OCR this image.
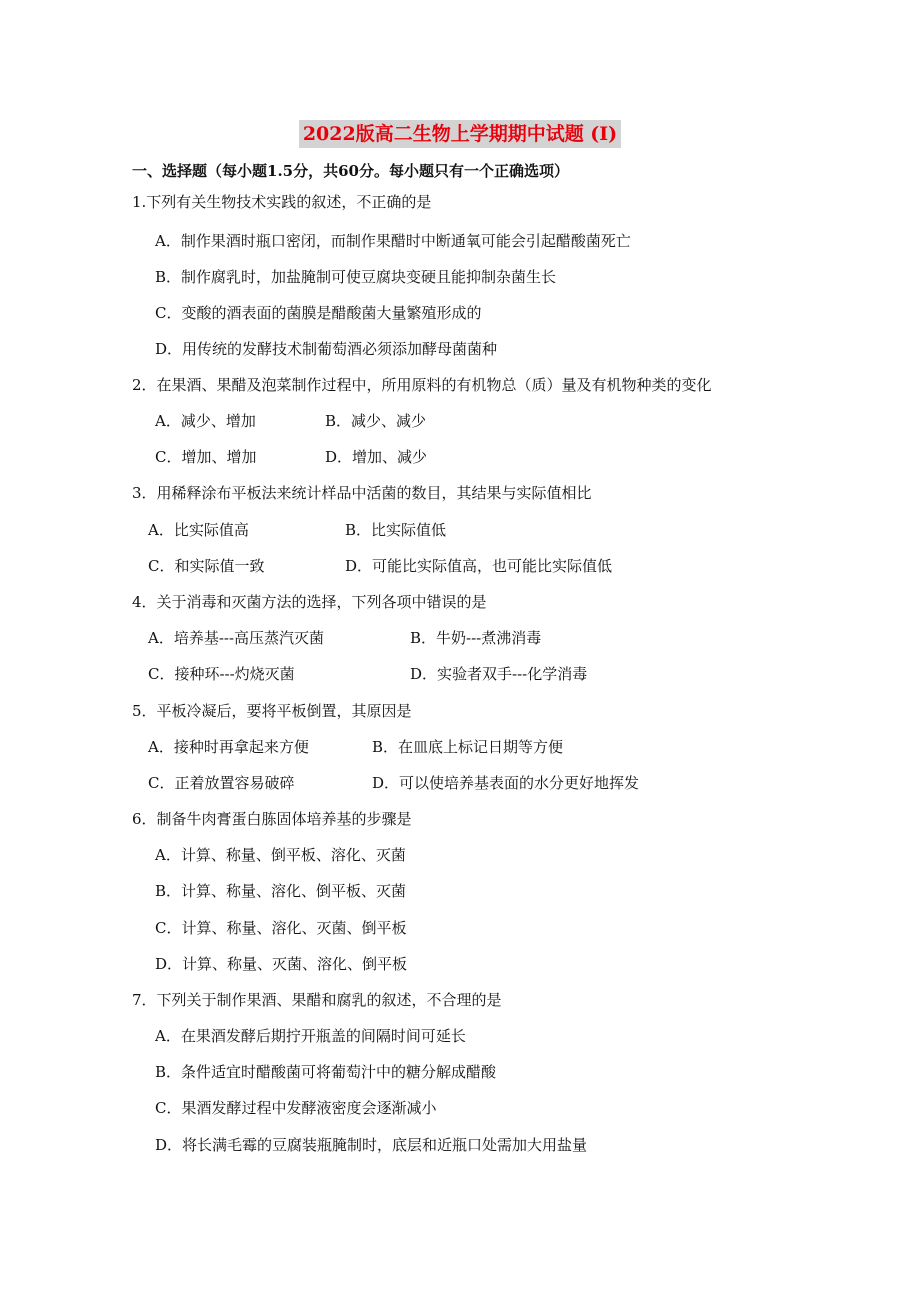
2022版高二生物上学期期中试题 (I)
一、选择题（每小题1.5分，共60分。每小题只有一个正确选项）
1.下列有关生物技术实践的叙述，不正确的是
A．制作果酒时瓶口密闭，而制作果醋时中断通氧可能会引起醋酸菌死亡
B．制作腐乳时，加盐腌制可使豆腐块变硬且能抑制杂菌生长
C．变酸的酒表面的菌膜是醋酸菌大量繁殖形成的
D．用传统的发酵技术制葡萄酒必须添加酵母菌菌种
2．在果酒、果醋及泡菜制作过程中，所用原料的有机物总（质）量及有机物种类的变化
A．减少、增加	B．减少、减少
C．增加、增加	D．增加、减少
3．用稀释涂布平板法来统计样品中活菌的数目，其结果与实际值相比
A．比实际值高	B．比实际值低
C．和实际值一致	D．可能比实际值高，也可能比实际值低
4．关于消毒和灭菌方法的选择，下列各项中错误的是
A．培养基---高压蒸汽灭菌	B．牛奶---煮沸消毒
C．接种环---灼烧灭菌	D．实验者双手---化学消毒
5．平板冷凝后，要将平板倒置，其原因是
A．接种时再拿起来方便	B．在皿底上标记日期等方便
C．正着放置容易破碎	D．可以使培养基表面的水分更好地挥发
6．制备牛肉膏蛋白胨固体培养基的步骤是
A．计算、称量、倒平板、溶化、灭菌
B．计算、称量、溶化、倒平板、灭菌
C．计算、称量、溶化、灭菌、倒平板
D．计算、称量、灭菌、溶化、倒平板
7．下列关于制作果酒、果醋和腐乳的叙述，不合理的是
A．在果酒发酵后期拧开瓶盖的间隔时间可延长
B．条件适宜时醋酸菌可将葡萄汁中的糖分解成醋酸
C．果酒发酵过程中发酵液密度会逐渐减小
D．将长满毛霉的豆腐装瓶腌制时，底层和近瓶口处需加大用盐量
